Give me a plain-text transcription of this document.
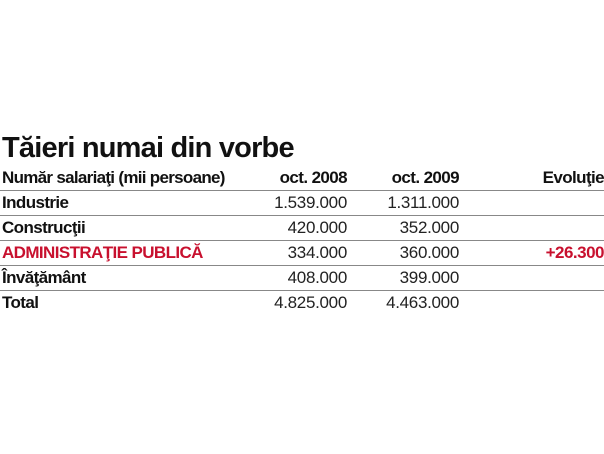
Tăieri numai din vorbe
Număr salariaţi (mii persoane)	oct. 2008	oct. 2009	Evoluţie
Industrie	1.539.000	1.311.000	
Construcţii	420.000	352.000	
ADMINISTRAŢIE PUBLICĂ	334.000	360.000	+26.300
Învăţământ	408.000	399.000	
Total	4.825.000	4.463.000	
